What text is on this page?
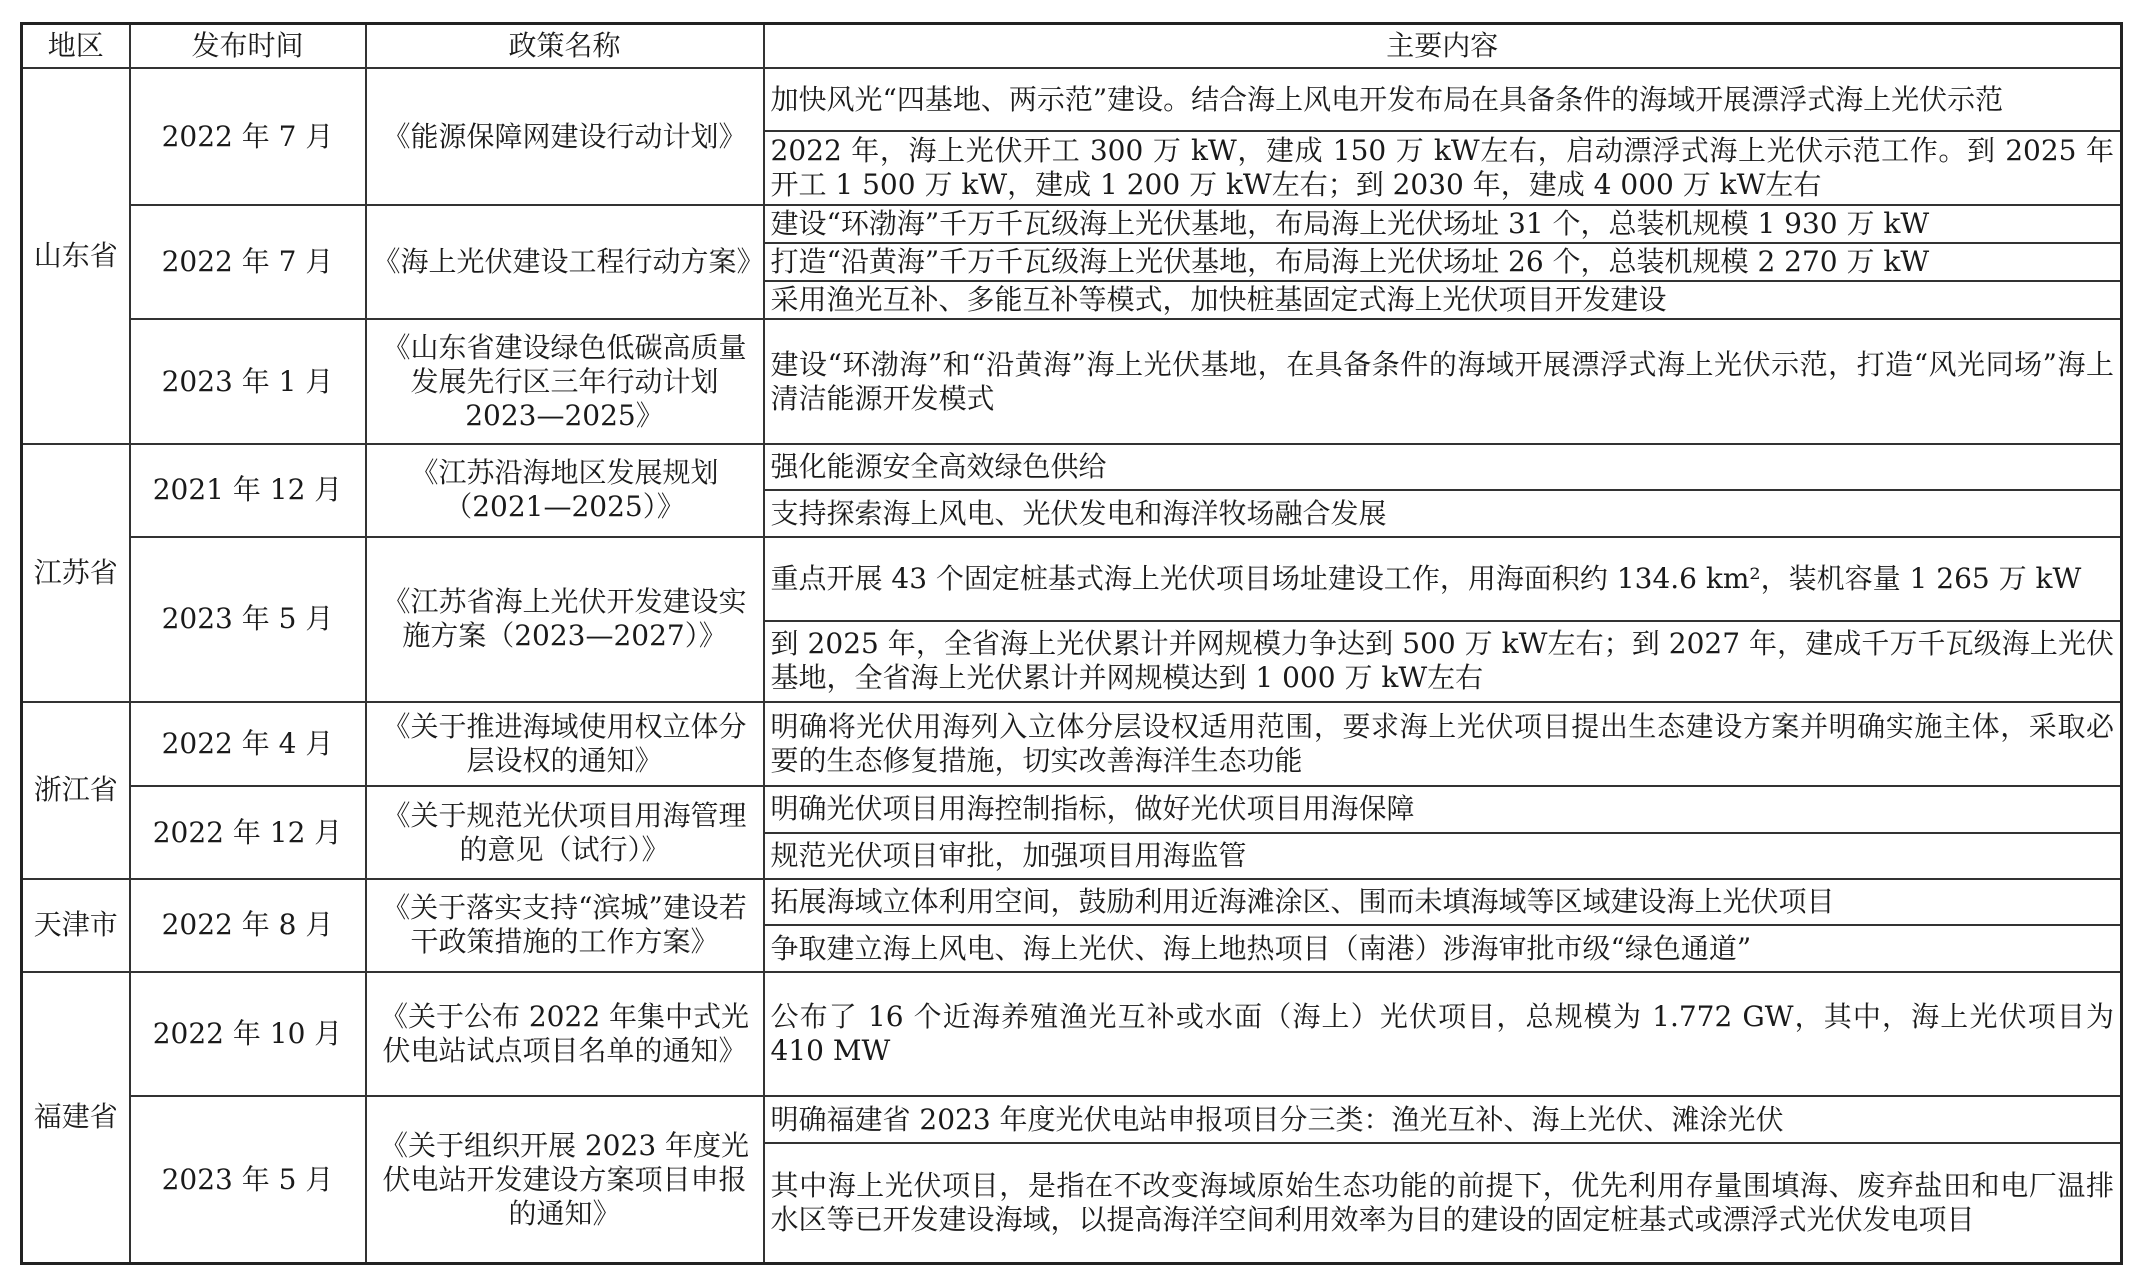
地区	发布时间	政策名称	主要内容
山东省	2022 年 7 月	《能源保障网建设行动计划》	加快风光“四基地、两示范”建设。结合海上风电开发布局在具备条件的海域开展漂浮式海上光伏示范
			2022 年，海上光伏开工 300 万 kW，建成 150 万 kW左右，启动漂浮式海上光伏示范工作。到 2025 年开工 1 500 万 kW，建成 1 200 万 kW左右；到 2030 年，建成 4 000 万 kW左右
	2022 年 7 月	《海上光伏建设工程行动方案》	建设“环渤海”千万千瓦级海上光伏基地，布局海上光伏场址 31 个，总装机规模 1 930 万 kW
			打造“沿黄海”千万千瓦级海上光伏基地，布局海上光伏场址 26 个，总装机规模 2 270 万 kW
			采用渔光互补、多能互补等模式，加快桩基固定式海上光伏项目开发建设
	2023 年 1 月	《山东省建设绿色低碳高质量发展先行区三年行动计划 2023—2025》	建设“环渤海”和“沿黄海”海上光伏基地，在具备条件的海域开展漂浮式海上光伏示范，打造“风光同场”海上清洁能源开发模式
江苏省	2021 年 12 月	《江苏沿海地区发展规划（2021—2025）》	强化能源安全高效绿色供给
			支持探索海上风电、光伏发电和海洋牧场融合发展
	2023 年 5 月	《江苏省海上光伏开发建设实施方案（2023—2027）》	重点开展 43 个固定桩基式海上光伏项目场址建设工作，用海面积约 134.6 km²，装机容量 1 265 万 kW
			到 2025 年，全省海上光伏累计并网规模力争达到 500 万 kW左右；到 2027 年，建成千万千瓦级海上光伏基地，全省海上光伏累计并网规模达到 1 000 万 kW左右
浙江省	2022 年 4 月	《关于推进海域使用权立体分层设权的通知》	明确将光伏用海列入立体分层设权适用范围，要求海上光伏项目提出生态建设方案并明确实施主体，采取必要的生态修复措施，切实改善海洋生态功能
	2022 年 12 月	《关于规范光伏项目用海管理的意见（试行）》	明确光伏项目用海控制指标，做好光伏项目用海保障
			规范光伏项目审批，加强项目用海监管
天津市	2022 年 8 月	《关于落实支持“滨城”建设若干政策措施的工作方案》	拓展海域立体利用空间，鼓励利用近海滩涂区、围而未填海域等区域建设海上光伏项目
			争取建立海上风电、海上光伏、海上地热项目（南港）涉海审批市级“绿色通道”
福建省	2022 年 10 月	《关于公布 2022 年集中式光伏电站试点项目名单的通知》	公布了 16 个近海养殖渔光互补或水面（海上）光伏项目，总规模为 1.772 GW，其中，海上光伏项目为 410 MW
	2023 年 5 月	《关于组织开展 2023 年度光伏电站开发建设方案项目申报的通知》	明确福建省 2023 年度光伏电站申报项目分三类：渔光互补、海上光伏、滩涂光伏
			其中海上光伏项目，是指在不改变海域原始生态功能的前提下，优先利用存量围填海、废弃盐田和电厂温排水区等已开发建设海域，以提高海洋空间利用效率为目的建设的固定桩基式或漂浮式光伏发电项目
